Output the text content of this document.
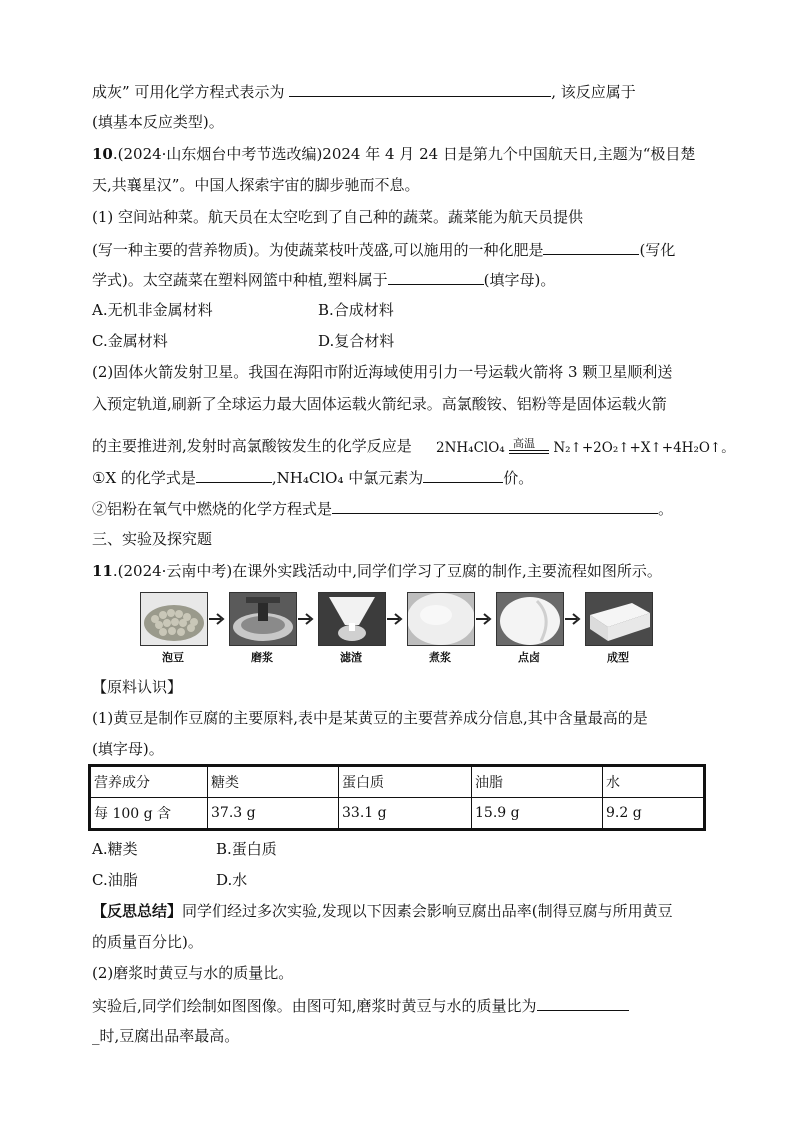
成灰” 可用化学方程式表示为	, 该反应属于
(填基本反应类型)。
10.(2024·山东烟台中考节选改编)2024 年 4 月 24 日是第九个中国航天日,主题为“极目楚
天,共襄星汉”。中国人探索宇宙的脚步驰而不息。
(1) 空间站种菜。航天员在太空吃到了自己种的蔬菜。蔬菜能为航天员提供
(写一种主要的营养物质)。为使蔬菜枝叶茂盛,可以施用的一种化肥是	(写化
学式)。太空蔬菜在塑料网篮中种植,塑料属于	(填字母)。
A.无机非金属材料	B.合成材料
C.金属材料	D.复合材料
(2)固体火箭发射卫星。我国在海阳市附近海域使用引力一号运载火箭将 3 颗卫星顺利送
入预定轨道,刷新了全球运力最大固体运载火箭纪录。高氯酸铵、铝粉等是固体运载火箭
的主要推进剂,发射时高氯酸铵发生的化学反应是	2NH₄ClO₄ 高温 N₂↑+2O₂↑+X↑+4H₂O↑。
①X 的化学式是	,NH₄ClO₄ 中氯元素为	价。
②铝粉在氧气中燃烧的化学方程式是	。
三、实验及探究题
11.(2024·云南中考)在课外实践活动中,同学们学习了豆腐的制作,主要流程如图所示。
泡豆	磨浆	滤渣	煮浆	点卤	成型
【原料认识】
(1)黄豆是制作豆腐的主要原料,表中是某黄豆的主要营养成分信息,其中含量最高的是
(填字母)。
营养成分	糖类	蛋白质	油脂	水
每 100 g 含	37.3 g	33.1 g	15.9 g	9.2 g
A.糖类	B.蛋白质
C.油脂	D.水
【反思总结】同学们经过多次实验,发现以下因素会影响豆腐出品率(制得豆腐与所用黄豆
的质量百分比)。
(2)磨浆时黄豆与水的质量比。
实验后,同学们绘制如图图像。由图可知,磨浆时黄豆与水的质量比为
_时,豆腐出品率最高。
